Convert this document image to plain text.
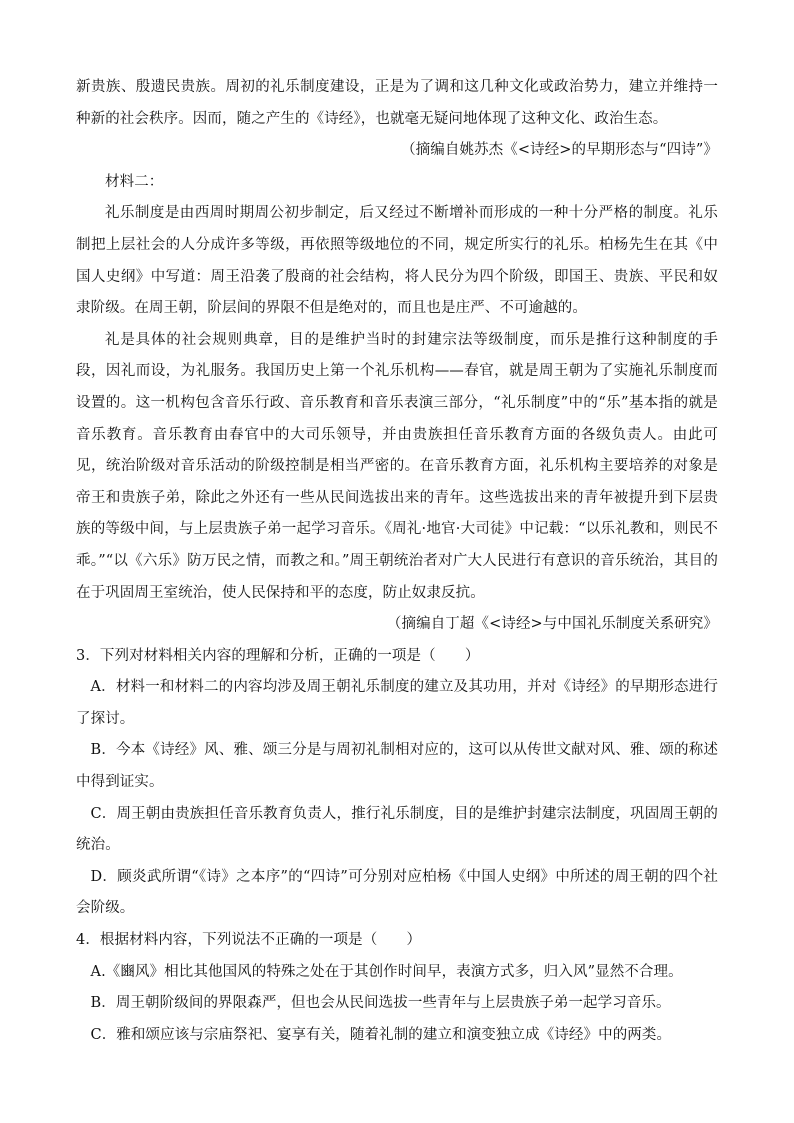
新贵族、殷遗民贵族。周初的礼乐制度建设，正是为了调和这几种文化或政治势力，建立并维持一种新的社会秩序。因而，随之产生的《诗经》，也就毫无疑问地体现了这种文化、政治生态。

（摘编自姚苏杰《<诗经>的早期形态与“四诗”》

材料二：

礼乐制度是由西周时期周公初步制定，后又经过不断增补而形成的一种十分严格的制度。礼乐制把上层社会的人分成许多等级，再依照等级地位的不同，规定所实行的礼乐。柏杨先生在其《中国人史纲》中写道：周王沿袭了殷商的社会结构，将人民分为四个阶级，即国王、贵族、平民和奴隶阶级。在周王朝，阶层间的界限不但是绝对的，而且也是庄严、不可逾越的。

礼是具体的社会规则典章，目的是维护当时的封建宗法等级制度，而乐是推行这种制度的手段，因礼而设，为礼服务。我国历史上第一个礼乐机构——春官，就是周王朝为了实施礼乐制度而设置的。这一机构包含音乐行政、音乐教育和音乐表演三部分，“礼乐制度”中的“乐”基本指的就是音乐教育。音乐教育由春官中的大司乐领导，并由贵族担任音乐教育方面的各级负责人。由此可见，统治阶级对音乐活动的阶级控制是相当严密的。在音乐教育方面，礼乐机构主要培养的对象是帝王和贵族子弟，除此之外还有一些从民间选拔出来的青年。这些选拔出来的青年被提升到下层贵族的等级中间，与上层贵族子弟一起学习音乐。《周礼·地官·大司徒》中记载：“以乐礼教和，则民不乖。”“以《六乐》防万民之情，而教之和。”周王朝统治者对广大人民进行有意识的音乐统治，其目的在于巩固周王室统治，使人民保持和平的态度，防止奴隶反抗。

（摘编自丁超《<诗经>与中国礼乐制度关系研究》

3．下列对材料相关内容的理解和分析，正确的一项是（　　）

A．材料一和材料二的内容均涉及周王朝礼乐制度的建立及其功用，并对《诗经》的早期形态进行了探讨。

B．今本《诗经》风、雅、颂三分是与周初礼制相对应的，这可以从传世文献对风、雅、颂的称述中得到证实。

C．周王朝由贵族担任音乐教育负责人，推行礼乐制度，目的是维护封建宗法制度，巩固周王朝的统治。

D．顾炎武所谓“《诗》之本序”的“四诗”可分别对应柏杨《中国人史纲》中所述的周王朝的四个社会阶级。

4．根据材料内容，下列说法不正确的一项是（　　）

A.《豳风》相比其他国风的特殊之处在于其创作时间早，表演方式多，归入风”显然不合理。

B．周王朝阶级间的界限森严，但也会从民间选拔一些青年与上层贵族子弟一起学习音乐。

C．雅和颂应该与宗庙祭祀、宴享有关，随着礼制的建立和演变独立成《诗经》中的两类。
